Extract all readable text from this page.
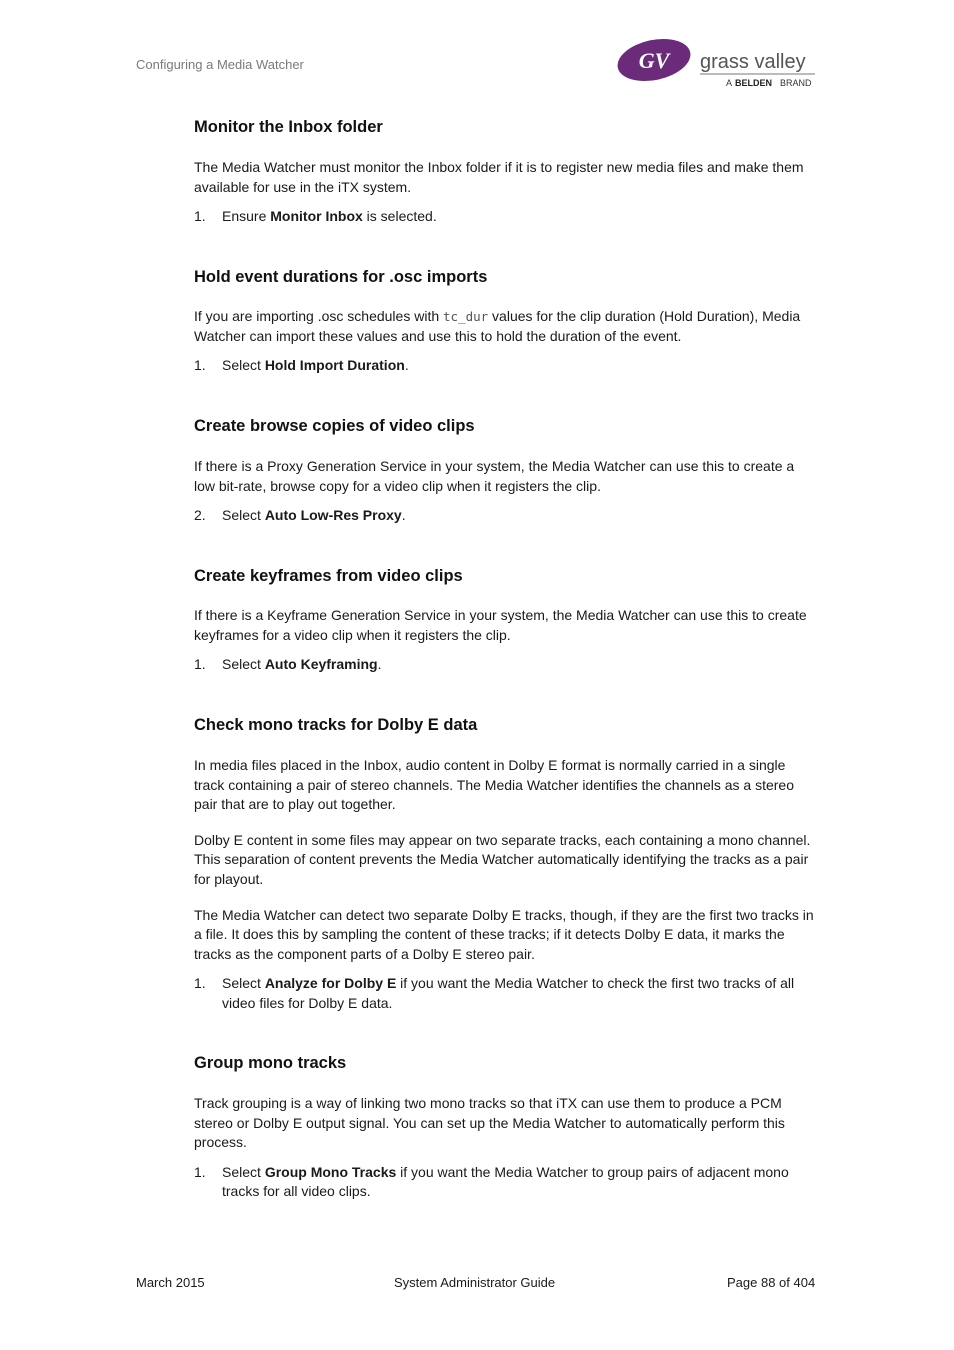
Configuring a Media Watcher	GV grass valley
A BELDEN BRAND
Monitor the Inbox folder

The Media Watcher must monitor the Inbox folder if it is to register new media files and make them available for use in the iTX system.

1. Ensure Monitor Inbox is selected.
Hold event durations for .osc imports

If you are importing .osc schedules with tc_dur values for the clip duration (Hold Duration), Media Watcher can import these values and use this to hold the duration of the event.

1. Select Hold Import Duration.
Create browse copies of video clips

If there is a Proxy Generation Service in your system, the Media Watcher can use this to create a low bit-rate, browse copy for a video clip when it registers the clip.

2. Select Auto Low-Res Proxy.
Create keyframes from video clips

If there is a Keyframe Generation Service in your system, the Media Watcher can use this to create keyframes for a video clip when it registers the clip.

1. Select Auto Keyframing.
Check mono tracks for Dolby E data

In media files placed in the Inbox, audio content in Dolby E format is normally carried in a single track containing a pair of stereo channels. The Media Watcher identifies the channels as a stereo pair that are to play out together.

Dolby E content in some files may appear on two separate tracks, each containing a mono channel. This separation of content prevents the Media Watcher automatically identifying the tracks as a pair for playout.

The Media Watcher can detect two separate Dolby E tracks, though, if they are the first two tracks in a file. It does this by sampling the content of these tracks; if it detects Dolby E data, it marks the tracks as the component parts of a Dolby E stereo pair.

1. Select Analyze for Dolby E if you want the Media Watcher to check the first two tracks of all video files for Dolby E data.
Group mono tracks

Track grouping is a way of linking two mono tracks so that iTX can use them to produce a PCM stereo or Dolby E output signal. You can set up the Media Watcher to automatically perform this process.

1. Select Group Mono Tracks if you want the Media Watcher to group pairs of adjacent mono tracks for all video clips.
March 2015	System Administrator Guide	Page 88 of 404
